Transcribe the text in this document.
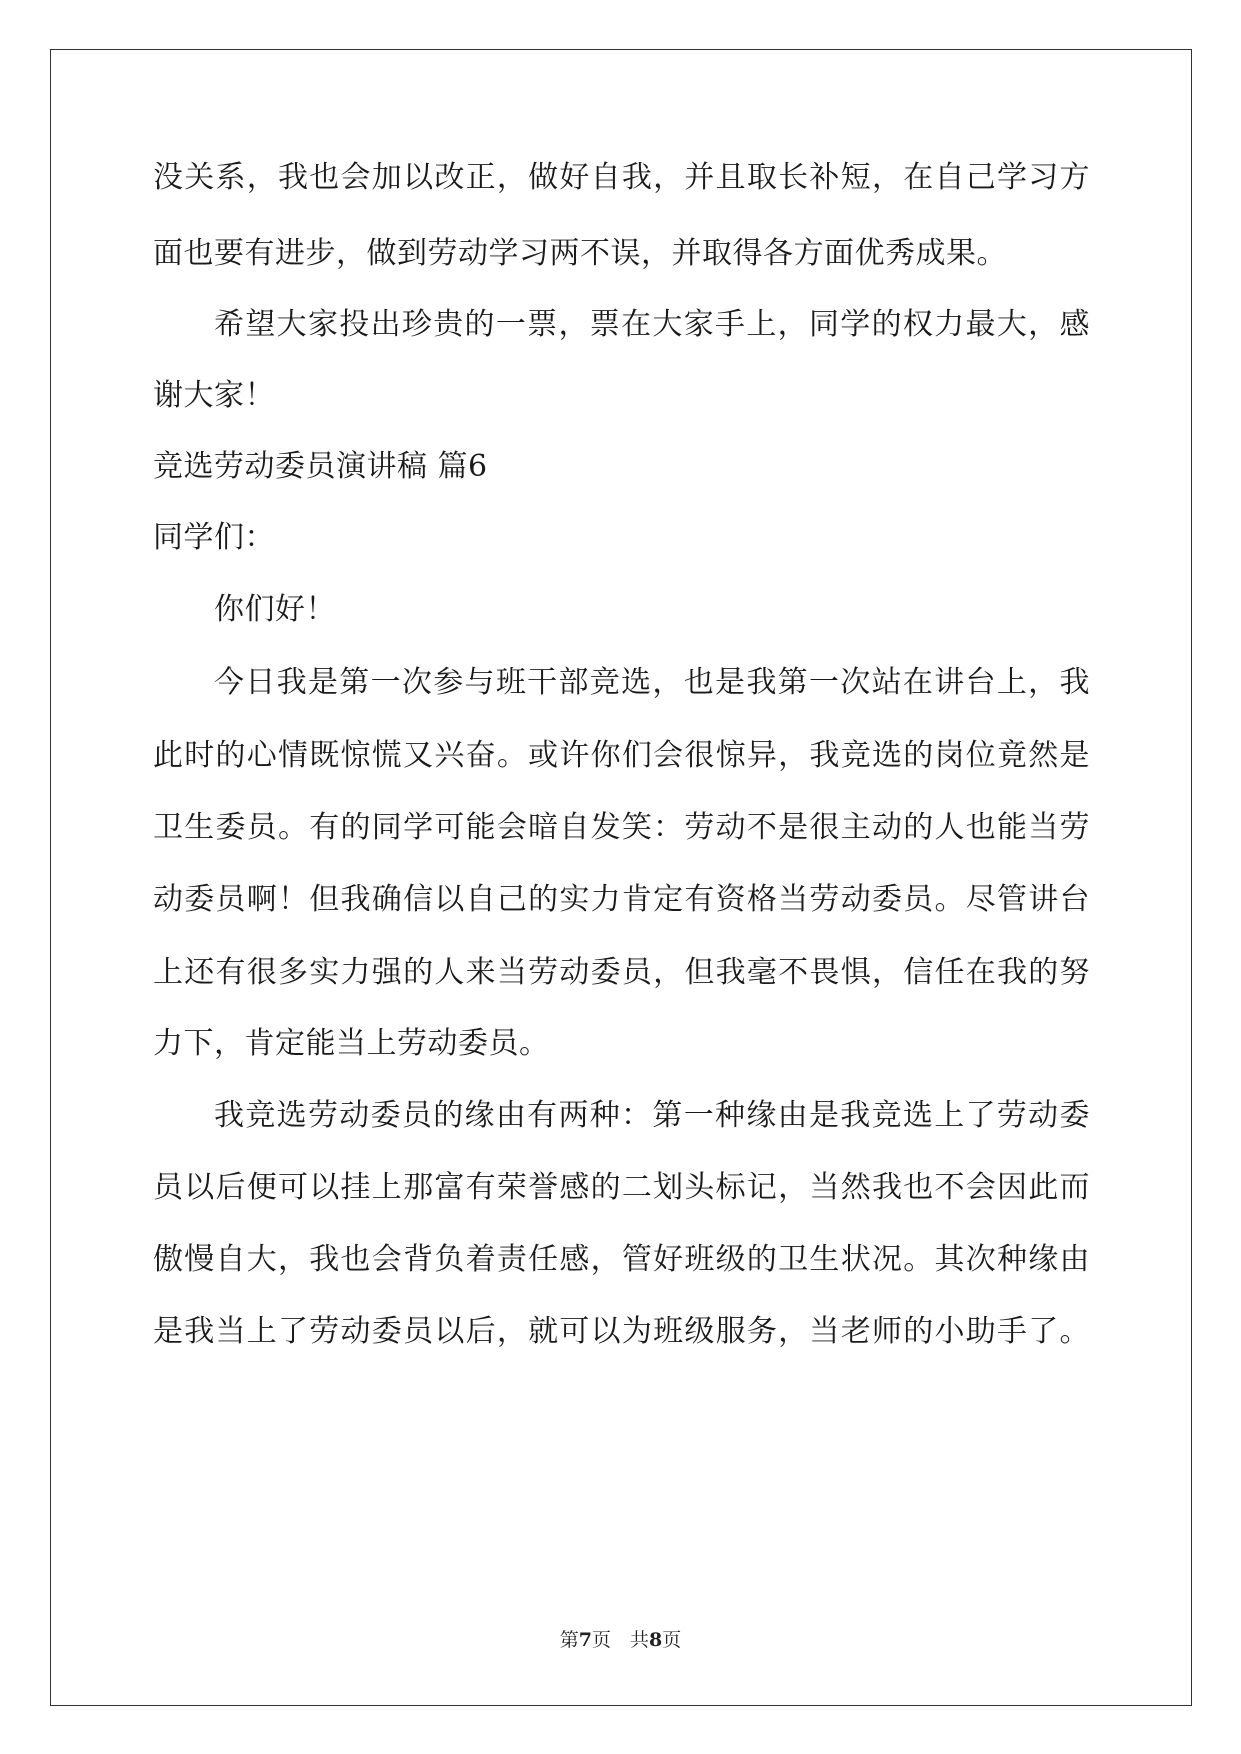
没关系，我也会加以改正，做好自我，并且取长补短，在自己学习方
面也要有进步，做到劳动学习两不误，并取得各方面优秀成果。
希望大家投出珍贵的一票，票在大家手上，同学的权力最大，感
谢大家！
竞选劳动委员演讲稿 篇6
同学们：
你们好！
今日我是第一次参与班干部竞选，也是我第一次站在讲台上，我
此时的心情既惊慌又兴奋。或许你们会很惊异，我竞选的岗位竟然是
卫生委员。有的同学可能会暗自发笑：劳动不是很主动的人也能当劳
动委员啊！但我确信以自己的实力肯定有资格当劳动委员。尽管讲台
上还有很多实力强的人来当劳动委员，但我毫不畏惧，信任在我的努
力下，肯定能当上劳动委员。
我竞选劳动委员的缘由有两种：第一种缘由是我竞选上了劳动委
员以后便可以挂上那富有荣誉感的二划头标记，当然我也不会因此而
傲慢自大，我也会背负着责任感，管好班级的卫生状况。其次种缘由
是我当上了劳动委员以后，就可以为班级服务，当老师的小助手了。
第7页　共8页
